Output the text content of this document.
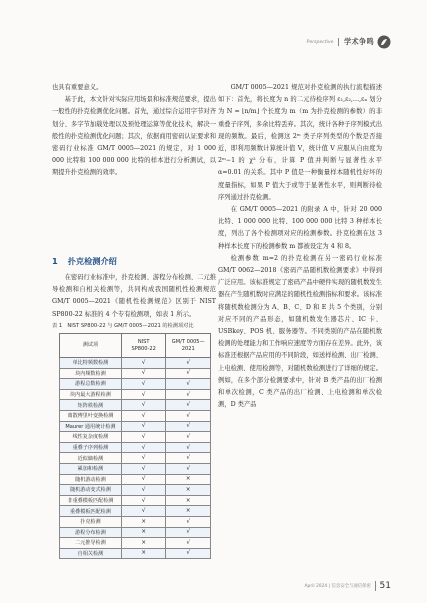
Perspective 学术争鸣

也具有重要意义。

基于此，本文针对实际应用场景和标准规范要求，提出一般性的扑克检测优化问题。首先，通过综合运用字节对齐划分、多字节加载处理以及预处理运算等优化技术，解决一般性的扑克检测优化问题；其次，依据商用密码认证要求和密码行业标准 GM/T 0005—2021 的规定，对 1 000 000 比特和 100 000 000 比特的样本进行分析测试，以期提升扑克检测的效率。

1 扑克检测介绍

在密码行业标准中，扑克检测、游程分布检测、二元推导检测和自相关检测等，共同构成我国随机性检测规范 GM/T 0005—2021《随机性检测规范》区别于 NIST SP800-22 标准的 4 个专有检测项，如表 1 所示。

表 1　NIST SP800-22 与 GM/T 0005—2021 的检测项对比
测试项	NIST
SP800-22	GM/T 0005—
2021
单比特频数检测	√	√
块内频数检测	√	√
游程总数检测	√	√
块内最大游程检测	√	√
矩阵秩检测	√	√
离散傅里叶变换检测	√	√
Maurer 通用统计检测	√	√
线性复杂度检测	√	√
重叠子序列检测	√	√
近似熵检测	√	√
累加和检测	√	√
随机游动检测	√	×
随机游动变式检测	√	×
非重叠模板匹配检测	√	×
重叠模板匹配检测	√	×
扑克检测	×	√
游程分布检测	×	√
二元推导检测	×	√
自相关检测	×	√

GM/T 0005—2021 规范对扑克检测的执行流程描述如下：首先，将长度为 n 的二元待检序列 ε₁,ε₂,…,εₙ 划分为 N = ⌊n/m⌋ 个长度为 m（m 为扑克检测的参数）的非重叠子序列，多余比特丢弃。其次，统计各种子序列模式出现的频数。最后，检测这 2ᵐ 类子序列类型的个数是否接近，即利用频数计算统计值 V，统计值 V 应服从自由度为 2ᵐ−1 的 χ² 分布，计算 P 值并判断与显著性水平 α=0.01 的关系。其中 P 值是一种衡量样本随机性好坏的度量指标，如果 P 值大于或等于显著性水平，则判断待检序列通过扑克检测。

在 GM/T 0005—2021 的附录 A 中，针对 20 000 比特、1 000 000 比特、100 000 000 比特 3 种样本长度，列出了各个检测项对应的检测参数。扑克检测在这 3 种样本长度下的检测参数 m 都被设定为 4 和 8。

检测参数 m=2 的扑克检测在另一密码行业标准 GM/T 0062—2018《密码产品随机数检测要求》中得到广泛应用。该标准规定了密码产品中硬件实现的随机数发生器在产生随机数时应满足的随机性检测指标和要求。该标准将随机数检测分为 A、B、C、D 和 E 共 5 个类别，分别对应不同的产品形态，如随机数发生器芯片、IC 卡、USBkey、POS 机、服务器等。不同类别的产品在随机数检测的处理能力和工作响应速度等方面存在差异。此外，该标准还根据产品应用的不同阶段，如送样检测、出厂检测、上电检测、使用检测等，对随机数检测进行了详细的规定。例如，在多个部分检测要求中，针对 B 类产品的出厂检测和单次检测，C 类产品的出厂检测、上电检测和单次检测，D 类产品

April 2024 | 信息安全与通信保密 51
